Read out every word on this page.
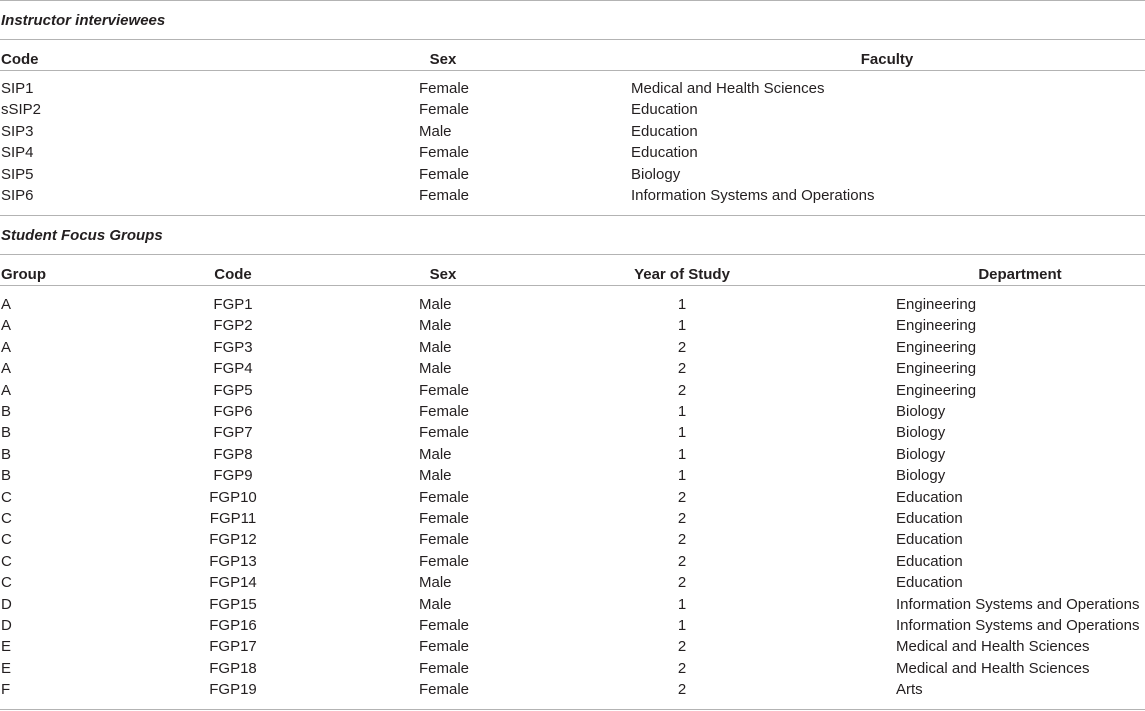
Instructor interviewees
Code	Sex	Faculty
SIP1	Female	Medical and Health Sciences
sSIP2	Female	Education
SIP3	Male	Education
SIP4	Female	Education
SIP5	Female	Biology
SIP6	Female	Information Systems and Operations
Student Focus Groups
Group	Code	Sex	Year of Study	Department
A	FGP1	Male	1	Engineering
A	FGP2	Male	1	Engineering
A	FGP3	Male	2	Engineering
A	FGP4	Male	2	Engineering
A	FGP5	Female	2	Engineering
B	FGP6	Female	1	Biology
B	FGP7	Female	1	Biology
B	FGP8	Male	1	Biology
B	FGP9	Male	1	Biology
C	FGP10	Female	2	Education
C	FGP11	Female	2	Education
C	FGP12	Female	2	Education
C	FGP13	Female	2	Education
C	FGP14	Male	2	Education
D	FGP15	Male	1	Information Systems and Operations
D	FGP16	Female	1	Information Systems and Operations
E	FGP17	Female	2	Medical and Health Sciences
E	FGP18	Female	2	Medical and Health Sciences
F	FGP19	Female	2	Arts
